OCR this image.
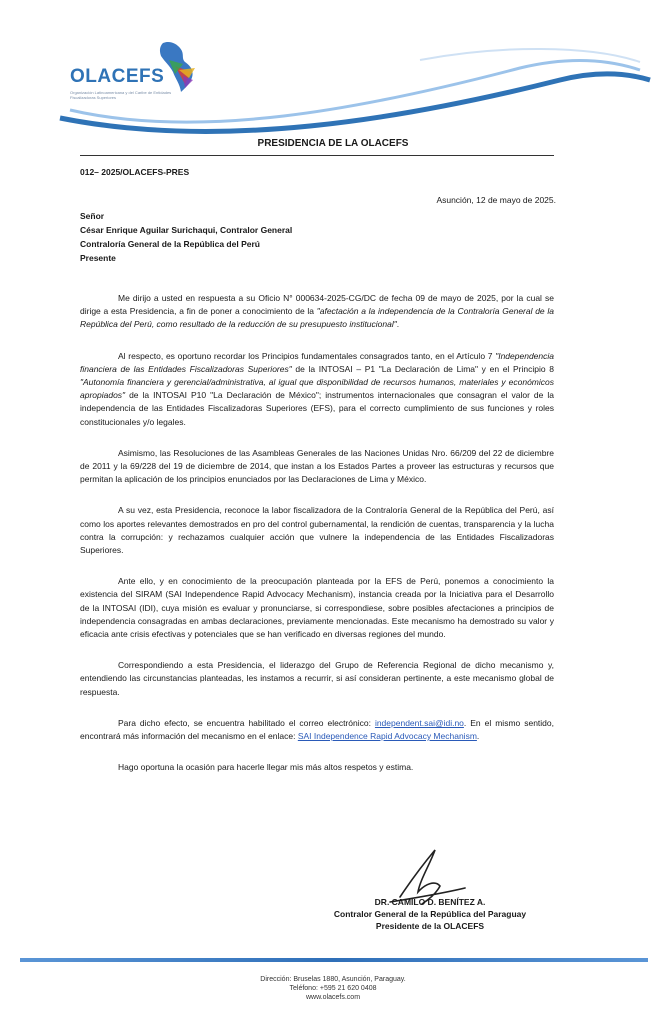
OLACEFS
Organización Latinoamericana y del Caribe de Entidades Fiscalizadoras Superiores
PRESIDENCIA DE LA OLACEFS
012– 2025/OLACEFS-PRES
Asunción, 12 de mayo de 2025.
Señor
César Enrique Aguilar Surichaqui, Contralor General
Contraloría General de la República del Perú
Presente

Me dirijo a usted en respuesta a su Oficio N° 000634-2025-CG/DC de fecha 09 de mayo de 2025, por la cual se dirige a esta Presidencia, a fin de poner a conocimiento de la "afectación a la independencia de la Contraloría General de la República del Perú, como resultado de la reducción de su presupuesto institucional".

Al respecto, es oportuno recordar los Principios fundamentales consagrados tanto, en el Artículo 7 "Independencia financiera de las Entidades Fiscalizadoras Superiores" de la INTOSAI – P1 "La Declaración de Lima" y en el Principio 8 "Autonomía financiera y gerencial/administrativa, al igual que disponibilidad de recursos humanos, materiales y económicos apropiados" de la INTOSAI P10 "La Declaración de México"; instrumentos internacionales que consagran el valor de la independencia de las Entidades Fiscalizadoras Superiores (EFS), para el correcto cumplimiento de sus funciones y roles constitucionales y/o legales.

Asimismo, las Resoluciones de las Asambleas Generales de las Naciones Unidas Nro. 66/209 del 22 de diciembre de 2011 y la 69/228 del 19 de diciembre de 2014, que instan a los Estados Partes a proveer las estructuras y recursos que permitan la aplicación de los principios enunciados por las Declaraciones de Lima y México.

A su vez, esta Presidencia, reconoce la labor fiscalizadora de la Contraloría General de la República del Perú, así como los aportes relevantes demostrados en pro del control gubernamental, la rendición de cuentas, transparencia y la lucha contra la corrupción: y rechazamos cualquier acción que vulnere la independencia de las Entidades Fiscalizadoras Superiores.

Ante ello, y en conocimiento de la preocupación planteada por la EFS de Perú, ponemos a conocimiento la existencia del SIRAM (SAI Independence Rapid Advocacy Mechanism), instancia creada por la Iniciativa para el Desarrollo de la INTOSAI (IDI), cuya misión es evaluar y pronunciarse, si correspondiese, sobre posibles afectaciones a principios de independencia consagradas en ambas declaraciones, previamente mencionadas. Este mecanismo ha demostrado su valor y eficacia ante crisis efectivas y potenciales que se han verificado en diversas regiones del mundo.

Correspondiendo a esta Presidencia, el liderazgo del Grupo de Referencia Regional de dicho mecanismo y, entendiendo las circunstancias planteadas, les instamos a recurrir, si así consideran pertinente, a este mecanismo global de respuesta.

Para dicho efecto, se encuentra habilitado el correo electrónico: independent.sai@idi.no. En el mismo sentido, encontrará más información del mecanismo en el enlace: SAI Independence Rapid Advocacy Mechanism.

Hago oportuna la ocasión para hacerle llegar mis más altos respetos y estima.

DR. CAMILO D. BENÍTEZ A.
Contralor General de la República del Paraguay
Presidente de la OLACEFS
Dirección: Bruselas 1880, Asunción, Paraguay.
Teléfono: +595 21 620 0408
www.olacefs.com
